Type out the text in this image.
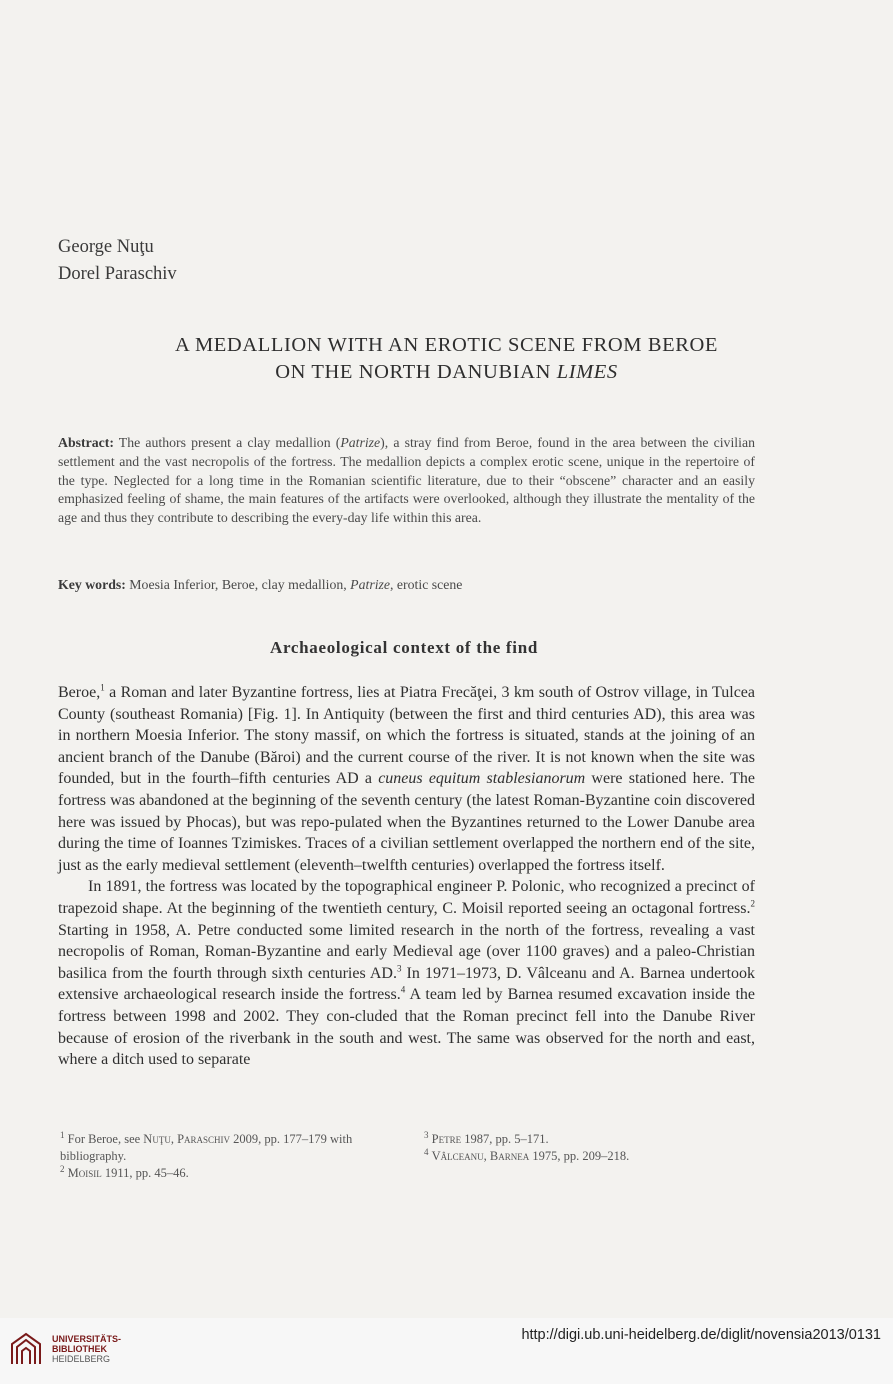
George Nuţu
Dorel Paraschiv
A MEDALLION WITH AN EROTIC SCENE FROM BEROE
ON THE NORTH DANUBIAN LIMES
Abstract: The authors present a clay medallion (Patrize), a stray find from Beroe, found in the area between the civilian settlement and the vast necropolis of the fortress. The medallion depicts a complex erotic scene, unique in the repertoire of the type. Neglected for a long time in the Romanian scientific literature, due to their “obscene” character and an easily emphasized feeling of shame, the main features of the artifacts were overlooked, although they illustrate the mentality of the age and thus they contribute to describing the every-day life within this area.
Key words: Moesia Inferior, Beroe, clay medallion, Patrize, erotic scene
Archaeological context of the find

Beroe,$^1$ a Roman and later Byzantine fortress, lies at Piatra Frecăţei, 3 km south of Ostrov village, in Tulcea County (southeast Romania) [Fig. 1]. In Antiquity (between the first and third centuries AD), this area was in northern Moesia Inferior. The stony massif, on which the fortress is situated, stands at the joining of an ancient branch of the Danube (Băroi) and the current course of the river. It is not known when the site was founded, but in the fourth–fifth centuries AD a cuneus equitum stablesianorum were stationed here. The fortress was abandoned at the beginning of the seventh century (the latest Roman-Byzantine coin discovered here was issued by Phocas), but was repo-pulated when the Byzantines returned to the Lower Danube area during the time of Ioannes Tzimiskes. Traces of a civilian settlement overlapped the northern end of the site, just as the early medieval settlement (eleventh–twelfth centuries) overlapped the fortress itself.

In 1891, the fortress was located by the topographical engineer P. Polonic, who recognized a precinct of trapezoid shape. At the beginning of the twentieth century, C. Moisil reported seeing an octagonal fortress.$^2$ Starting in 1958, A. Petre conducted some limited research in the north of the fortress, revealing a vast necropolis of Roman, Roman-Byzantine and early Medieval age (over 1100 graves) and a paleo-Christian basilica from the fourth through sixth centuries AD.$^3$ In 1971–1973, D. Vâlceanu and A. Barnea undertook extensive archaeological research inside the fortress.$^4$ A team led by Barnea resumed excavation inside the fortress between 1998 and 2002. They con-cluded that the Roman precinct fell into the Danube River because of erosion of the riverbank in the south and west. The same was observed for the north and east, where a ditch used to separate

$^1$ For Beroe, see Nuţu, Paraschiv 2009, pp. 177–179 with bibliography.

$^2$ Moisil 1911, pp. 45–46.

$^3$ Petre 1987, pp. 5–171.

$^4$ Vâlceanu, Barnea 1975, pp. 209–218.

UNIVERSITÄTS-
BIBLIOTHEK
HEIDELBERG
http://digi.ub.uni-heidelberg.de/diglit/novensia2013/0131
